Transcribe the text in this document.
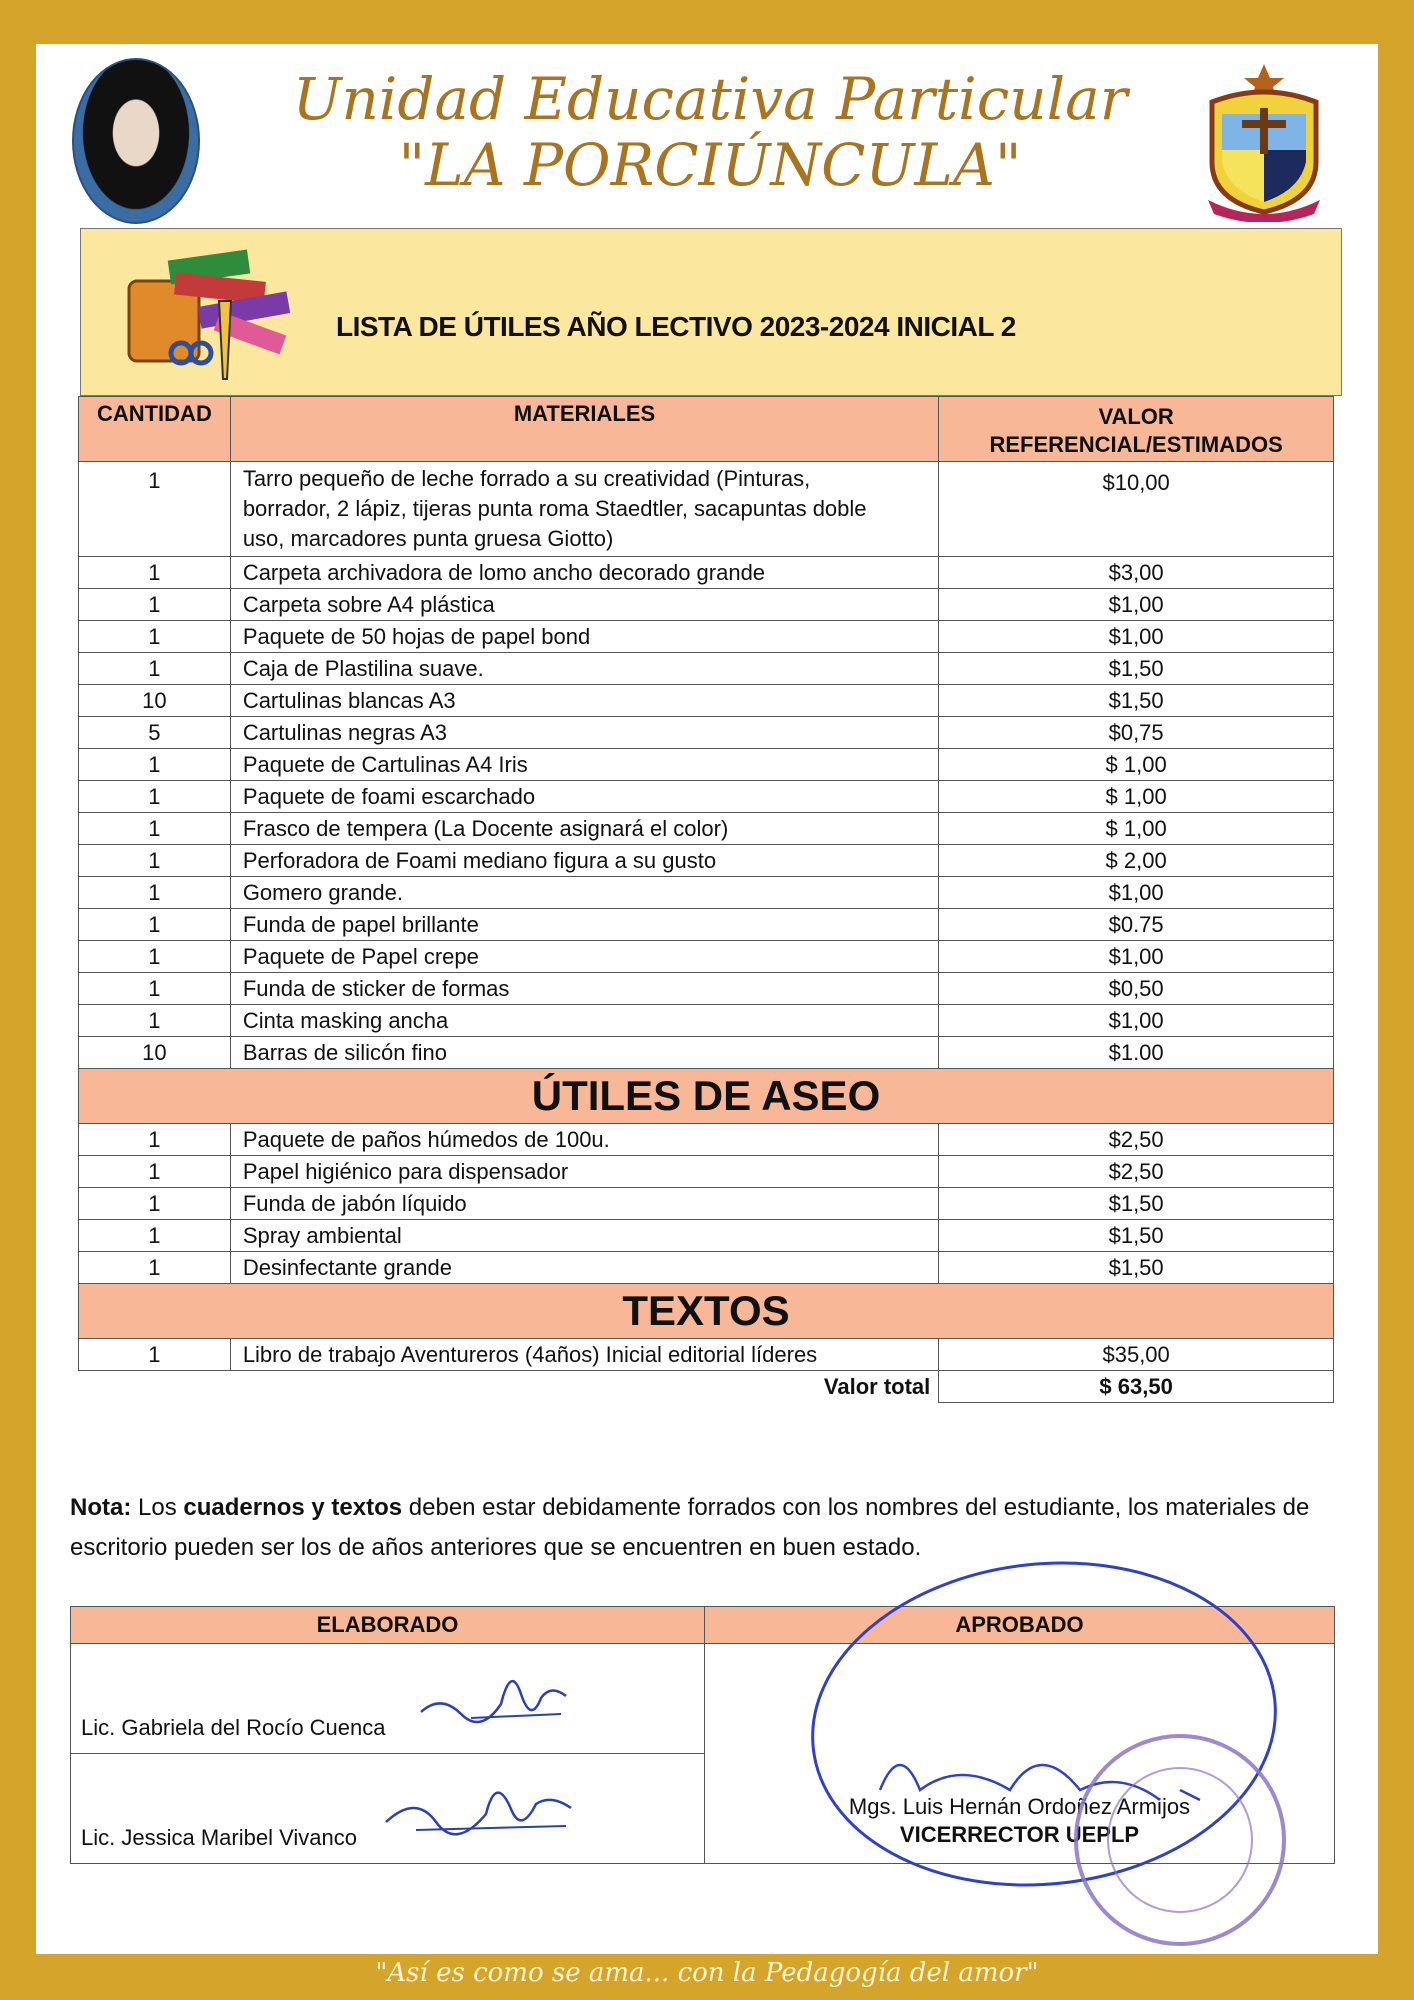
Unidad Educativa Particular
"LA PORCIÚNCULA"
LISTA DE ÚTILES AÑO LECTIVO 2023-2024 INICIAL 2
CANTIDAD	MATERIALES	VALOR
REFERENCIAL/ESTIMADOS

1	Tarro pequeño de leche forrado a su creatividad (Pinturas,
borrador, 2 lápiz, tijeras punta roma Staedtler, sacapuntas doble
uso, marcadores punta gruesa Giotto)	$10,00
1	Carpeta archivadora de lomo ancho decorado grande	$3,00
1	Carpeta sobre A4 plástica	$1,00
1	Paquete de 50 hojas de papel bond	$1,00
1	Caja de Plastilina suave.	$1,50
10	Cartulinas blancas A3	$1,50
5	Cartulinas negras A3	$0,75
1	Paquete de Cartulinas A4 Iris	$ 1,00
1	Paquete de foami escarchado	$ 1,00
1	Frasco de tempera (La Docente asignará el color)	$ 1,00
1	Perforadora de Foami mediano figura a su gusto	$ 2,00
1	Gomero grande.	$1,00
1	Funda de papel brillante	$0.75
1	Paquete de Papel crepe	$1,00
1	Funda de sticker de formas	$0,50
1	Cinta masking ancha	$1,00
10	Barras de silicón fino	$1.00
ÚTILES DE ASEO		
1	Paquete de paños húmedos de 100u.	$2,50
1	Papel higiénico para dispensador	$2,50
1	Funda de jabón líquido	$1,50
1	Spray ambiental	$1,50
1	Desinfectante grande	$1,50
TEXTOS		
1	Libro de trabajo Aventureros (4años) Inicial editorial líderes	$35,00
	Valor total	$ 63,50
Nota: Los cuadernos y textos deben estar debidamente forrados con los nombres del estudiante, los materiales de escritorio pueden ser los de años anteriores que se encuentren en buen estado.
ELABORADO	APROBADO
Lic. Gabriela del Rocío Cuenca	Mgs. Luis Hernán Ordoñez Armijos
VICERRECTOR UEPLP

Lic. Jessica Maribel Vivanco	
"Así es como se ama... con la Pedagogía del amor"
